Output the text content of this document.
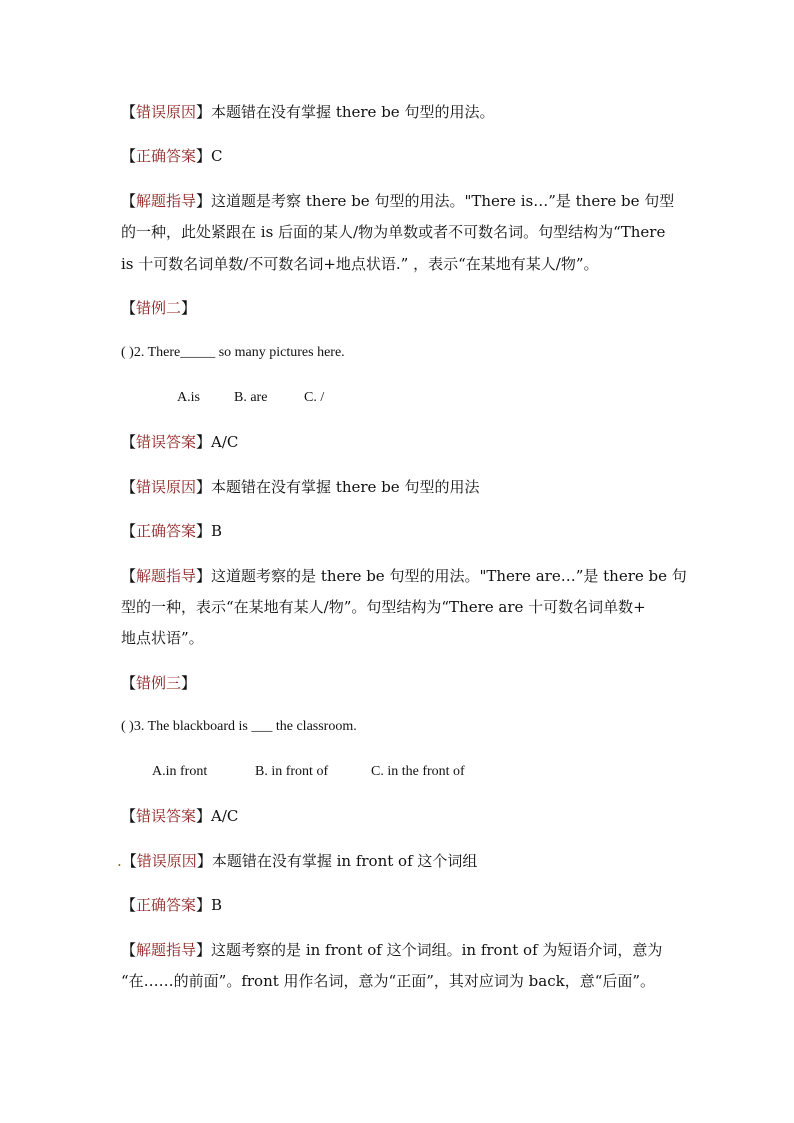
【错误原因】本题错在没有掌握 there be 句型的用法。
【正确答案】C
【解题指导】这道题是考察 there be 句型的用法。"There is…”是 there be 句型
的一种，此处紧跟在 is 后面的某人/物为单数或者不可数名词。句型结构为“There
is 十可数名词单数/不可数名词+地点状语.” ，表示“在某地有某人/物”。
【错例二】
( )2. There_____ so many pictures here.
A.is B. are	C. /
【错误答案】A/C
【错误原因】本题错在没有掌握 there be 句型的用法
【正确答案】B
【解题指导】这道题考察的是 there be 句型的用法。"There are…”是 there be 句
型的一种，表示“在某地有某人/物”。句型结构为“There are 十可数名词单数+
地点状语”。
【错例三】
( )3. The blackboard is ___ the classroom.
A.in front	B. in front of	C. in the front of
【错误答案】A/C
.【错误原因】本题错在没有掌握 in front of 这个词组
【正确答案】B
【解题指导】这题考察的是 in front of 这个词组。in front of 为短语介词，意为
“在……的前面”。front 用作名词，意为“正面”，其对应词为 back，意“后面”。
